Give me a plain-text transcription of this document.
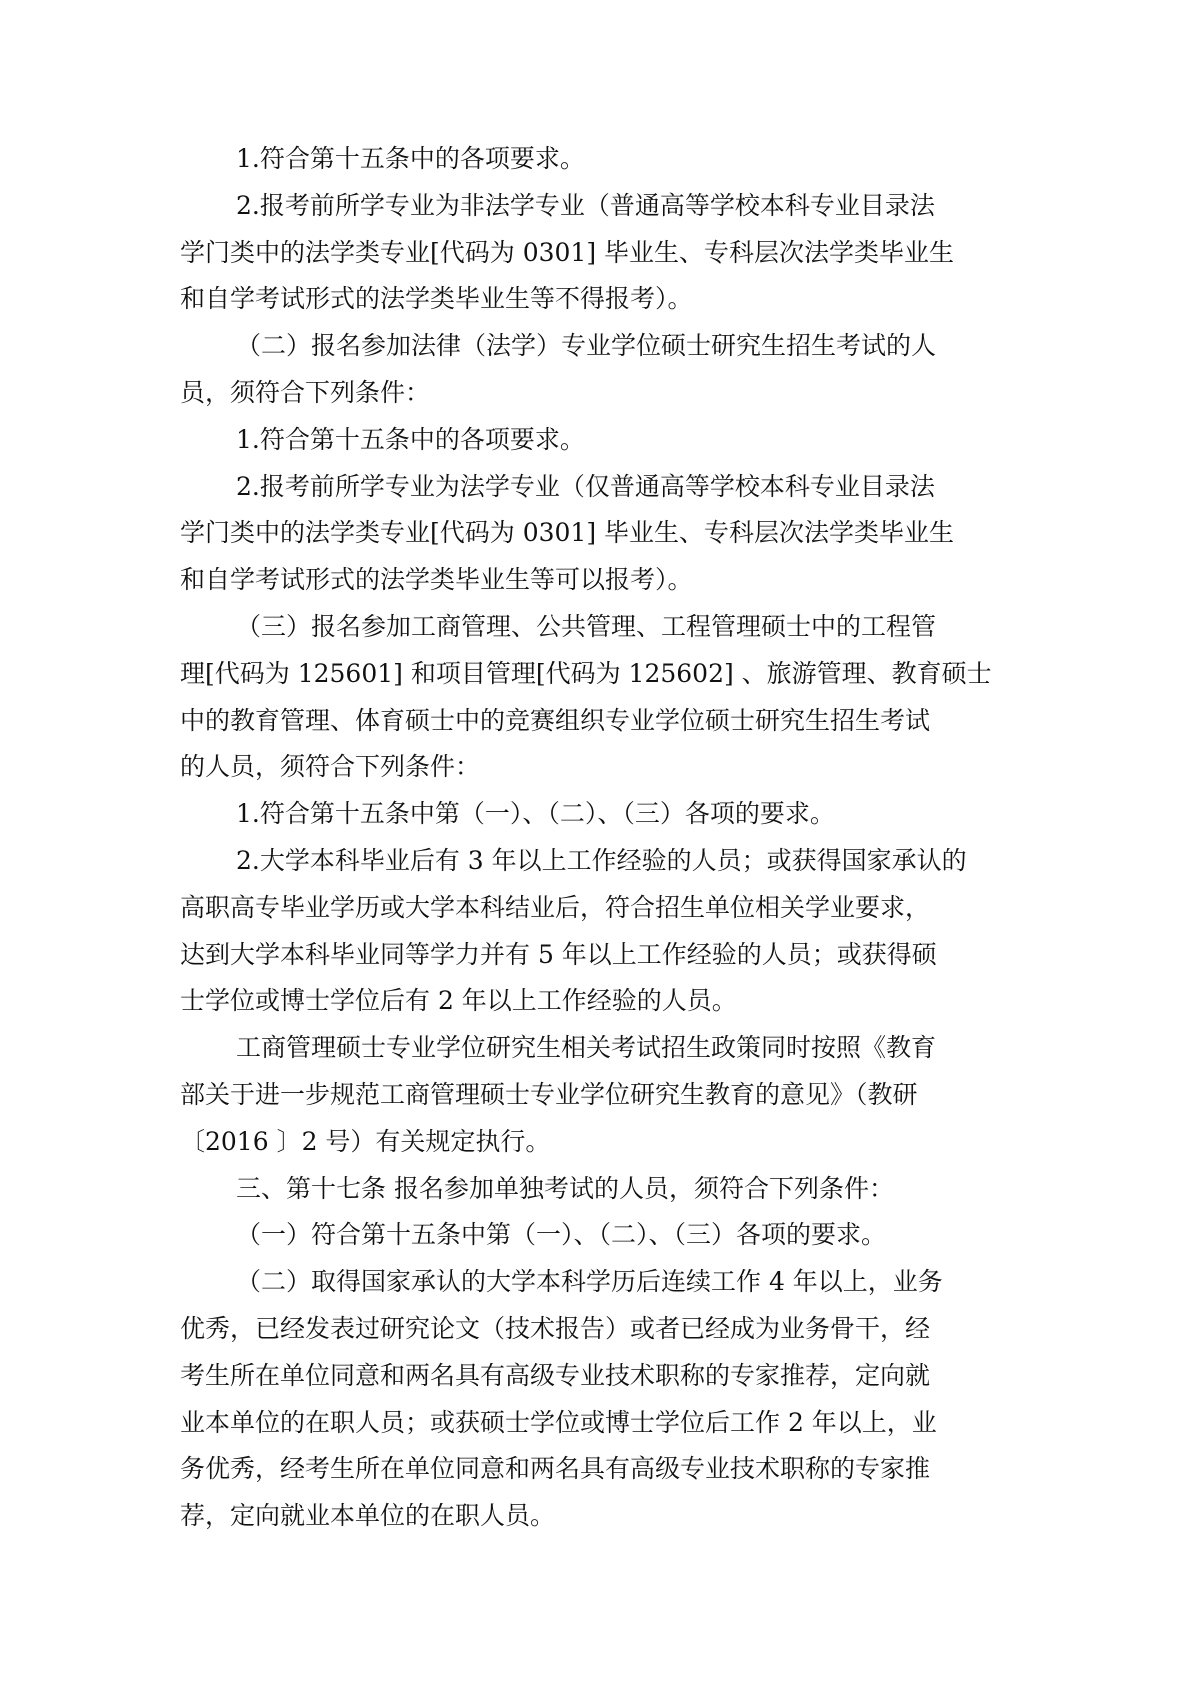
1.符合第十五条中的各项要求。
2.报考前所学专业为非法学专业（普通高等学校本科专业目录法
学门类中的法学类专业[代码为 0301] 毕业生、专科层次法学类毕业生
和自学考试形式的法学类毕业生等不得报考）。
（二）报名参加法律（法学）专业学位硕士研究生招生考试的人
员，须符合下列条件：
1.符合第十五条中的各项要求。
2.报考前所学专业为法学专业（仅普通高等学校本科专业目录法
学门类中的法学类专业[代码为 0301] 毕业生、专科层次法学类毕业生
和自学考试形式的法学类毕业生等可以报考）。
（三）报名参加工商管理、公共管理、工程管理硕士中的工程管
理[代码为 125601] 和项目管理[代码为 125602] 、旅游管理、教育硕士
中的教育管理、体育硕士中的竞赛组织专业学位硕士研究生招生考试
的人员，须符合下列条件：
1.符合第十五条中第（一）、（二）、（三）各项的要求。
2.大学本科毕业后有 3 年以上工作经验的人员；或获得国家承认的
高职高专毕业学历或大学本科结业后，符合招生单位相关学业要求，
达到大学本科毕业同等学力并有 5 年以上工作经验的人员；或获得硕
士学位或博士学位后有 2 年以上工作经验的人员。
工商管理硕士专业学位研究生相关考试招生政策同时按照《教育
部关于进一步规范工商管理硕士专业学位研究生教育的意见》（教研
〔2016 〕2 号）有关规定执行。
三、第十七条 报名参加单独考试的人员，须符合下列条件：
（一）符合第十五条中第（一）、（二）、（三）各项的要求。
（二）取得国家承认的大学本科学历后连续工作 4 年以上，业务
优秀，已经发表过研究论文（技术报告）或者已经成为业务骨干，经
考生所在单位同意和两名具有高级专业技术职称的专家推荐，定向就
业本单位的在职人员；或获硕士学位或博士学位后工作 2 年以上，业
务优秀，经考生所在单位同意和两名具有高级专业技术职称的专家推
荐，定向就业本单位的在职人员。
